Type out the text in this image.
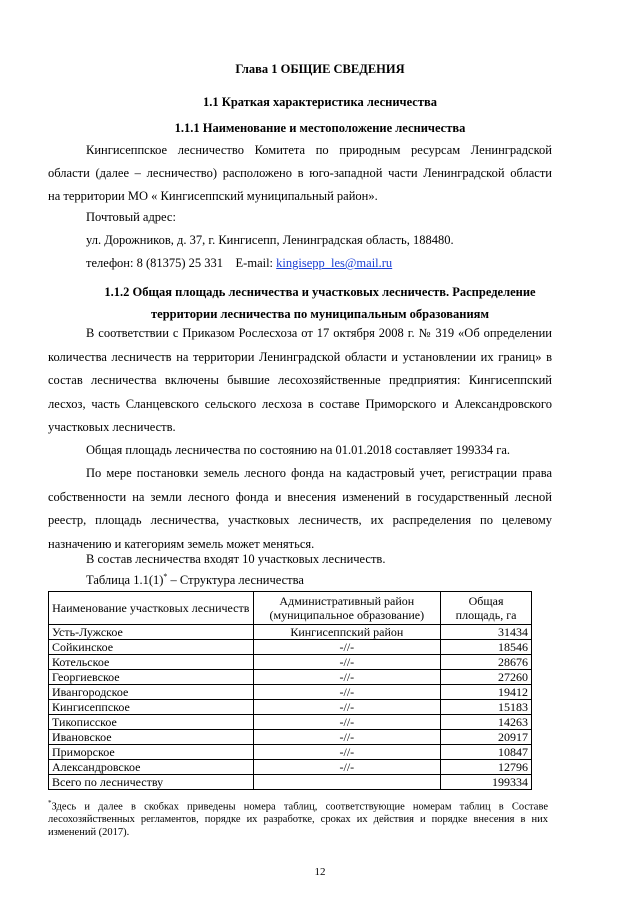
Глава 1 ОБЩИЕ СВЕДЕНИЯ

1.1 Краткая характеристика лесничества

1.1.1 Наименование и местоположение лесничества

Кингисеппское лесничество Комитета по природным ресурсам Ленинградской

области (далее – лесничество) расположено в юго-западной части Ленинградской области

на территории МО « Кингисеппский муниципальный район».

Почтовый адрес:

ул. Дорожников, д. 37, г. Кингисепп, Ленинградская область, 188480.

телефон: 8 (81375) 25 331 E-mail: kingisepp_les@mail.ru

1.1.2 Общая площадь лесничества и участковых лесничеств. Распределение

территории лесничества по муниципальным образованиям

В соответствии с Приказом Рослесхоза от 17 октября 2008 г. № 319 «Об определении количества лесничеств на территории Ленинградской области и установлении их границ» в состав лесничества включены бывшие лесохозяйственные предприятия: Кингисеппский лесхоз, часть Сланцевского сельского лесхоза в составе Приморского и Александровского участковых лесничеств.

Общая площадь лесничества по состоянию на 01.01.2018 составляет 199334 га.

По мере постановки земель лесного фонда на кадастровый учет, регистрации права собственности на земли лесного фонда и внесения изменений в государственный лесной реестр, площадь лесничества, участковых лесничеств, их распределения по целевому назначению и категориям земель может меняться.

В состав лесничества входят 10 участковых лесничеств.

Таблица 1.1(1)* – Структура лесничества

Наименование участковых лесничеств	Административный район (муниципальное образование)	Общая площадь, га
Усть-Лужское	Кингисеппский район	31434
Сойкинское	-//-	18546
Котельское	-//-	28676
Георгиевское	-//-	27260
Ивангородское	-//-	19412
Кингисеппское	-//-	15183
Тикописское	-//-	14263
Ивановское	-//-	20917
Приморское	-//-	10847
Александровское	-//-	12796
Всего по лесничеству		199334

*Здесь и далее в скобках приведены номера таблиц, соответствующие номерам таблиц в Составе лесохозяйственных регламентов, порядке их разработке, сроках их действия и порядке внесения в них изменений (2017).

12
